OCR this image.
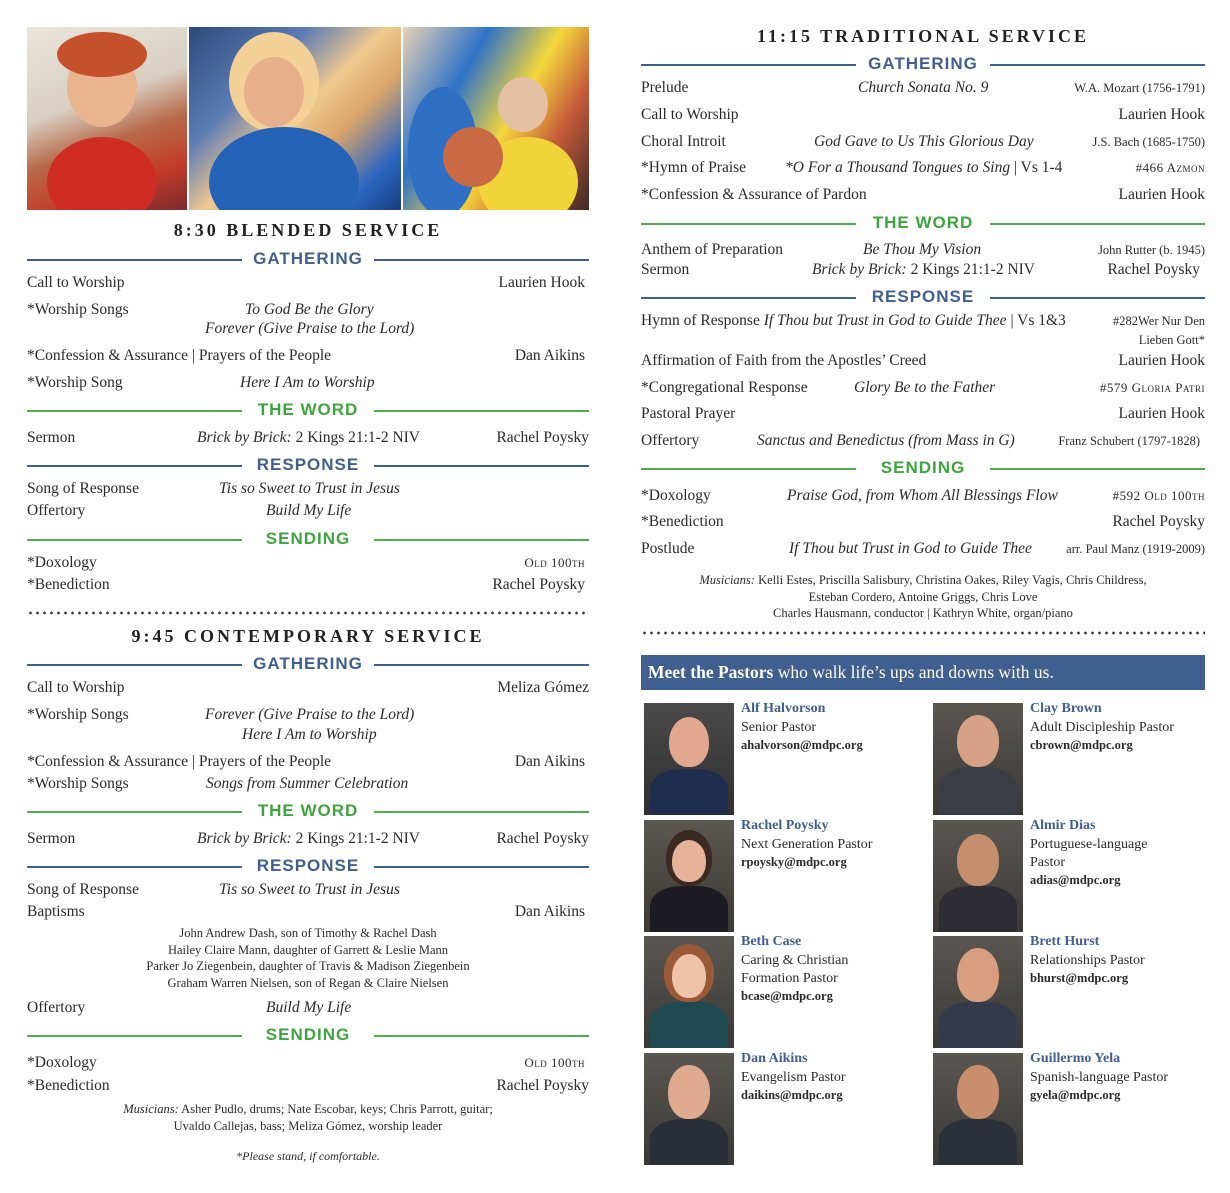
8:30 BLENDED SERVICE
GATHERING
Call to Worship	Laurien Hook
*Worship Songs	To God Be the Glory
Forever (Give Praise to the Lord)
*Confession & Assurance | Prayers of the People	Dan Aikins
*Worship Song	Here I Am to Worship
THE WORD
Sermon	Brick by Brick: 2 Kings 21:1-2 NIV	Rachel Poysky
RESPONSE
Song of Response	Tis so Sweet to Trust in Jesus
Offertory	Build My Life
SENDING
*Doxology	Old 100th
*Benediction	Rachel Poysky
9:45 CONTEMPORARY SERVICE
GATHERING
Call to Worship	Meliza Gómez
*Worship Songs	Forever (Give Praise to the Lord)
Here I Am to Worship
*Confession & Assurance | Prayers of the People	Dan Aikins
*Worship Songs	Songs from Summer Celebration
THE WORD
Sermon	Brick by Brick: 2 Kings 21:1-2 NIV	Rachel Poysky
RESPONSE
Song of Response	Tis so Sweet to Trust in Jesus
Baptisms	Dan Aikins
John Andrew Dash, son of Timothy & Rachel Dash
Hailey Claire Mann, daughter of Garrett & Leslie Mann
Parker Jo Ziegenbein, daughter of Travis & Madison Ziegenbein
Graham Warren Nielsen, son of Regan & Claire Nielsen
Offertory	Build My Life
SENDING
*Doxology	Old 100th
*Benediction	Rachel Poysky
Musicians: Asher Pudlo, drums; Nate Escobar, keys; Chris Parrott, guitar;
Uvaldo Callejas, bass; Meliza Gómez, worship leader
*Please stand, if comfortable.
11:15 TRADITIONAL SERVICE
GATHERING
Prelude	Church Sonata No. 9	W.A. Mozart (1756-1791)
Call to Worship	Laurien Hook
Choral Introit	God Gave to Us This Glorious Day	J.S. Bach (1685-1750)
*Hymn of Praise	*O For a Thousand Tongues to Sing | Vs 1-4	#466 Azmon
*Confession & Assurance of Pardon	Laurien Hook
THE WORD
Anthem of Preparation	Be Thou My Vision	John Rutter (b. 1945)
Sermon	Brick by Brick: 2 Kings 21:1-2 NIV	Rachel Poysky
RESPONSE
Hymn of Response If Thou but Trust in God to Guide Thee | Vs 1&3	#282Wer Nur Den
Lieben Gott*
Affirmation of Faith from the Apostles’ Creed	Laurien Hook
*Congregational Response	Glory Be to the Father	#579 Gloria Patri
Pastoral Prayer	Laurien Hook
Offertory	Sanctus and Benedictus (from Mass in G)	Franz Schubert (1797-1828)
SENDING
*Doxology	Praise God, from Whom All Blessings Flow	#592 Old 100th
*Benediction	Rachel Poysky
Postlude	If Thou but Trust in God to Guide Thee	arr. Paul Manz (1919-2009)
Musicians: Kelli Estes, Priscilla Salisbury, Christina Oakes, Riley Vagis, Chris Childress,
Esteban Cordero, Antoine Griggs, Chris Love
Charles Hausmann, conductor | Kathryn White, organ/piano
Meet the Pastors who walk life’s ups and downs with us.
Alf Halvorson
Senior Pastor
ahalvorson@mdpc.org
Clay Brown
Adult Discipleship Pastor
cbrown@mdpc.org
Rachel Poysky
Next Generation Pastor
rpoysky@mdpc.org
Almir Dias
Portuguese-language
Pastor
adias@mdpc.org
Beth Case
Caring & Christian
Formation Pastor
bcase@mdpc.org
Brett Hurst
Relationships Pastor
bhurst@mdpc.org
Dan Aikins
Evangelism Pastor
daikins@mdpc.org
Guillermo Yela
Spanish-language Pastor
gyela@mdpc.org
